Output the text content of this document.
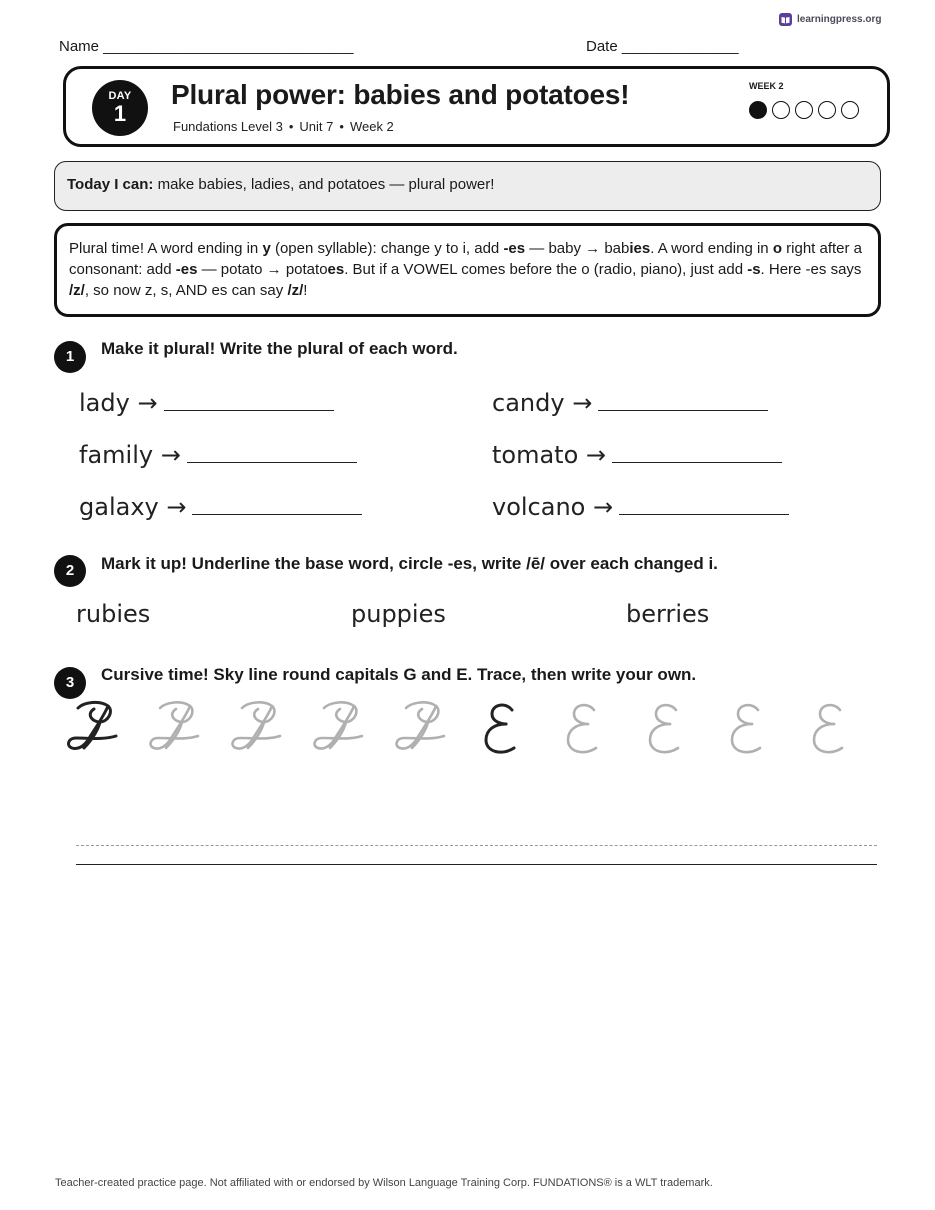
learningpress.org
Name ______________________________	Date ______________
DAY
1
Plural power: babies and potatoes!
Fundations Level 3 • Unit 7 • Week 2
WEEK 2
Today I can: make babies, ladies, and potatoes — plural power!
Plural time! A word ending in y (open syllable): change y to i, add -es — baby → babies. A word ending in o right after a consonant: add -es — potato → potatoes. But if a VOWEL comes before the o (radio, piano), just add -s. Here -es says /z/, so now z, s, AND es can say /z/!
1	Make it plural! Write the plural of each word.
lady →	candy →
family →	tomato →
galaxy →	volcano →
2	Mark it up! Underline the base word, circle -es, write /ē/ over each changed i.
rubies	puppies	berries
3	Cursive time! Sky line round capitals G and E. Trace, then write your own.
Teacher-created practice page. Not affiliated with or endorsed by Wilson Language Training Corp. FUNDATIONS® is a WLT trademark.
